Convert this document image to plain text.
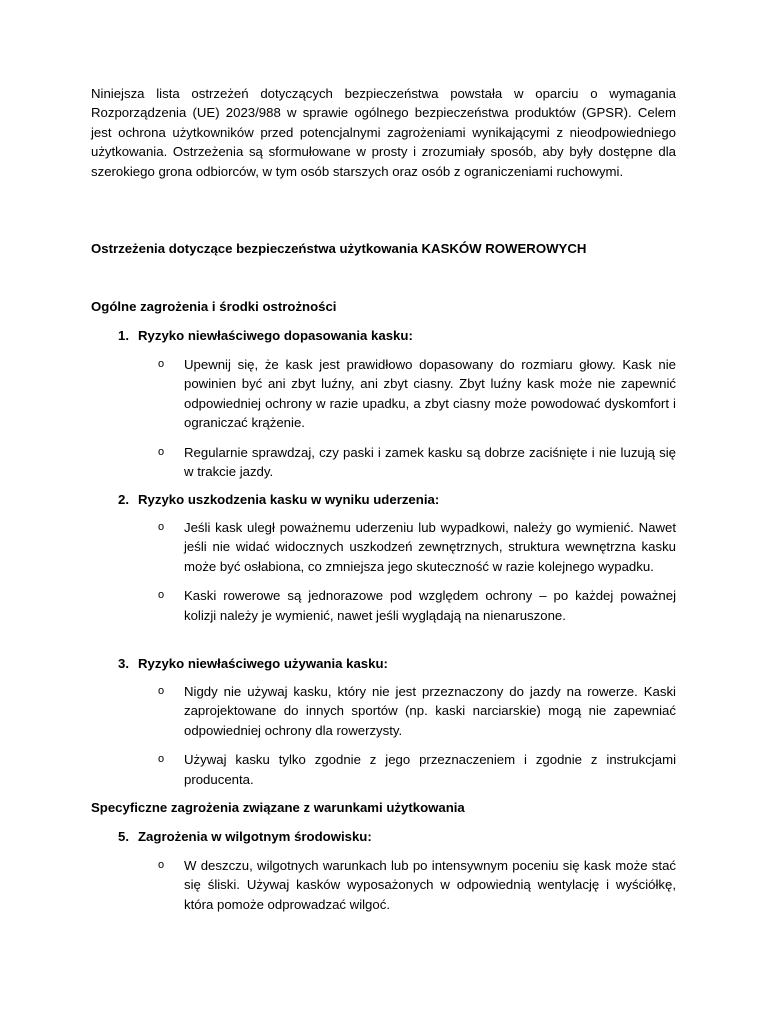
Niniejsza lista ostrzeżeń dotyczących bezpieczeństwa powstała w oparciu o wymagania Rozporządzenia (UE) 2023/988 w sprawie ogólnego bezpieczeństwa produktów (GPSR). Celem jest ochrona użytkowników przed potencjalnymi zagrożeniami wynikającymi z nieodpowiedniego użytkowania. Ostrzeżenia są sformułowane w prosty i zrozumiały sposób, aby były dostępne dla szerokiego grona odbiorców, w tym osób starszych oraz osób z ograniczeniami ruchowymi.

Ostrzeżenia dotyczące bezpieczeństwa użytkowania KASKÓW ROWEROWYCH

Ogólne zagrożenia i środki ostrożności

1. Ryzyko niewłaściwego dopasowania kasku:
o Upewnij się, że kask jest prawidłowo dopasowany do rozmiaru głowy. Kask nie powinien być ani zbyt luźny, ani zbyt ciasny. Zbyt luźny kask może nie zapewnić odpowiedniej ochrony w razie upadku, a zbyt ciasny może powodować dyskomfort i ograniczać krążenie.
o Regularnie sprawdzaj, czy paski i zamek kasku są dobrze zaciśnięte i nie luzują się w trakcie jazdy.
2. Ryzyko uszkodzenia kasku w wyniku uderzenia:
o Jeśli kask uległ poważnemu uderzeniu lub wypadkowi, należy go wymienić. Nawet jeśli nie widać widocznych uszkodzeń zewnętrznych, struktura wewnętrzna kasku może być osłabiona, co zmniejsza jego skuteczność w razie kolejnego wypadku.
o Kaski rowerowe są jednorazowe pod względem ochrony – po każdej poważnej kolizji należy je wymienić, nawet jeśli wyglądają na nienaruszone.
3. Ryzyko niewłaściwego używania kasku:
o Nigdy nie używaj kasku, który nie jest przeznaczony do jazdy na rowerze. Kaski zaprojektowane do innych sportów (np. kaski narciarskie) mogą nie zapewniać odpowiedniej ochrony dla rowerzysty.
o Używaj kasku tylko zgodnie z jego przeznaczeniem i zgodnie z instrukcjami producenta.

Specyficzne zagrożenia związane z warunkami użytkowania

5. Zagrożenia w wilgotnym środowisku:
o W deszczu, wilgotnych warunkach lub po intensywnym poceniu się kask może stać się śliski. Używaj kasków wyposażonych w odpowiednią wentylację i wyściółkę, która pomoże odprowadzać wilgoć.
